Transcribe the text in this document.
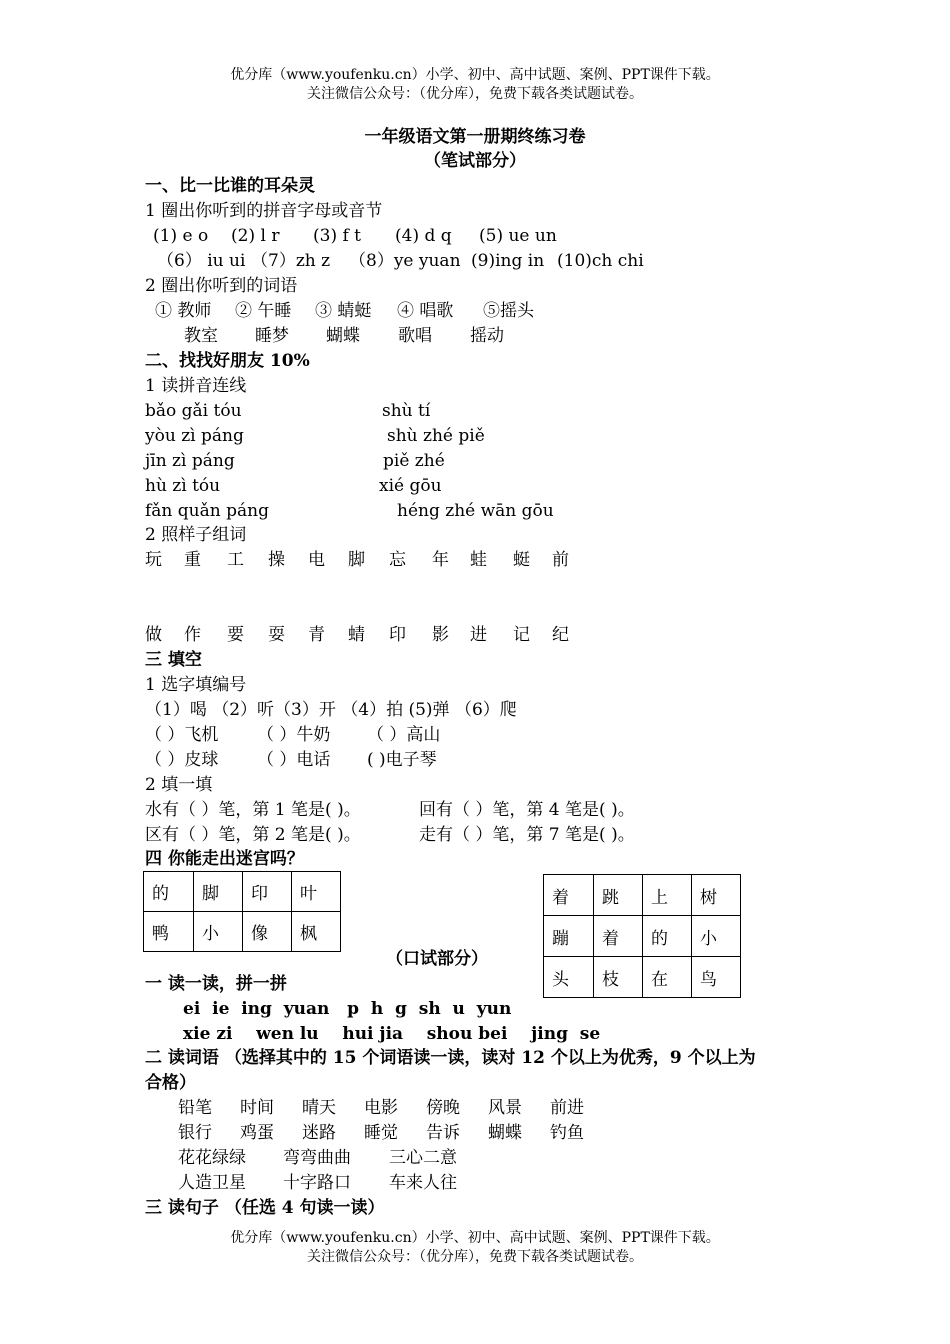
优分库（www.youfenku.cn）小学、初中、高中试题、案例、PPT课件下载。
关注微信公众号：（优分库），免费下载各类试题试卷。
一年级语文第一册期终练习卷
（笔试部分）
一、比一比谁的耳朵灵
1 圈出你听到的拼音字母或音节
(1) e o (2) l r (3) f t (4) d q (5) ue un
（6） iu ui （7）zh z （8）ye yuan (9)ing in (10)ch chi
2 圈出你听到的词语
① 教师 ② 午睡 ③ 蜻蜓 ④ 唱歌 ⑤摇头
教室 睡梦 蝴蝶 歌唱 摇动
二、找找好朋友 10%
1 读拼音连线
bǎo gǎi tóu	shù tí
yòu zì páng	shù zhé piě
jīn zì páng	piě zhé
hù zì tóu	xié gōu
fǎn quǎn páng	héng zhé wān gōu
2 照样子组词
玩 重 工 操 电 脚 忘 年 蛙 蜓 前
做 作 要 耍 青 蜻 印 影 进 记 纪
三 填空
1 选字填编号
（1）喝 （2）听（3）开 （4）拍 (5)弹 （6）爬
（ ）飞机 （ ）牛奶 （ ）高山
（ ）皮球 （ ）电话 ( )电子琴
2 填一填
水有（ ）笔，第 1 笔是( )。	回有（ ）笔，第 4 笔是( )。
区有（ ）笔，第 2 笔是( )。	走有（ ）笔，第 7 笔是( )。
四 你能走出迷宫吗？
的	脚	印	叶
鸭	小	像	枫
着	跳	上	树
蹦	着	的	小
头	枝	在	鸟
（口试部分）
一 读一读，拼一拼
ei  ie  ing  yuan   p  h  g  sh  u  yun
xie zi    wen lu    hui jia    shou bei    jing  se
二 读词语 （选择其中的 15 个词语读一读，读对 12 个以上为优秀，9 个以上为
合格）
铅笔 时间 晴天 电影 傍晚 风景 前进
银行 鸡蛋 迷路 睡觉 告诉 蝴蝶 钓鱼
花花绿绿 弯弯曲曲 三心二意
人造卫星 十字路口 车来人往
三 读句子 （任选 4 句读一读）
优分库（www.youfenku.cn）小学、初中、高中试题、案例、PPT课件下载。
关注微信公众号：（优分库），免费下载各类试题试卷。
